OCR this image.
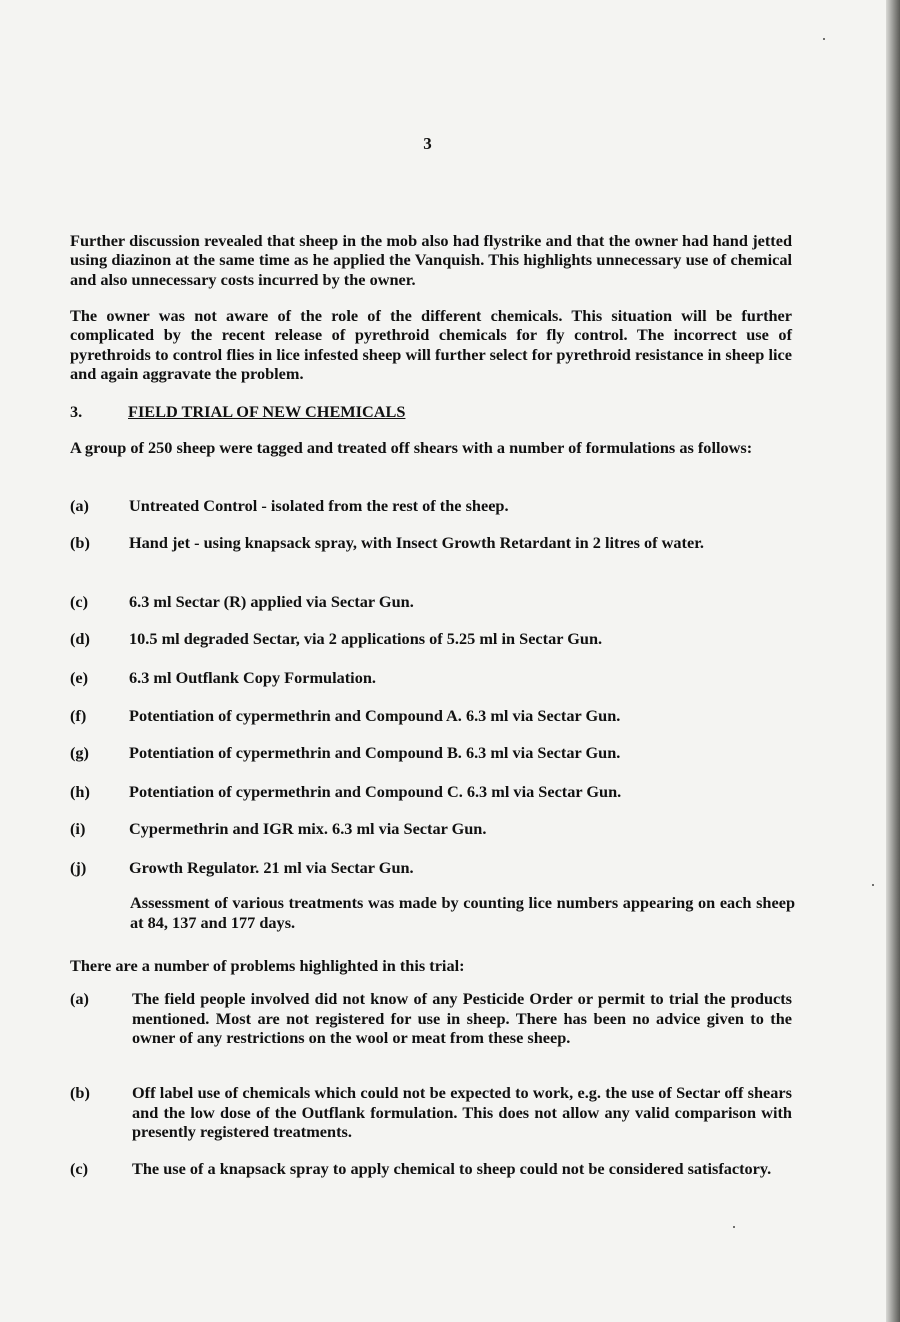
3
Further discussion revealed that sheep in the mob also had flystrike and that the owner had hand jetted using diazinon at the same time as he applied the Vanquish. This highlights unnecessary use of chemical and also unnecessary costs incurred by the owner.
The owner was not aware of the role of the different chemicals. This situation will be further complicated by the recent release of pyrethroid chemicals for fly control. The incorrect use of pyrethroids to control flies in lice infested sheep will further select for pyrethroid resistance in sheep lice and again aggravate the problem.
3.	FIELD TRIAL OF NEW CHEMICALS
A group of 250 sheep were tagged and treated off shears with a number of formulations as follows:
(a)	Untreated Control - isolated from the rest of the sheep.
(b)	Hand jet - using knapsack spray, with Insect Growth Retardant in 2 litres of water.
(c)	6.3 ml Sectar (R) applied via Sectar Gun.
(d)	10.5 ml degraded Sectar, via 2 applications of 5.25 ml in Sectar Gun.
(e)	6.3 ml Outflank Copy Formulation.
(f)	Potentiation of cypermethrin and Compound A. 6.3 ml via Sectar Gun.
(g)	Potentiation of cypermethrin and Compound B. 6.3 ml via Sectar Gun.
(h)	Potentiation of cypermethrin and Compound C. 6.3 ml via Sectar Gun.
(i)	Cypermethrin and IGR mix. 6.3 ml via Sectar Gun.
(j)	Growth Regulator. 21 ml via Sectar Gun.
Assessment of various treatments was made by counting lice numbers appearing on each sheep at 84, 137 and 177 days.
There are a number of problems highlighted in this trial:
(a)	The field people involved did not know of any Pesticide Order or permit to trial the products mentioned. Most are not registered for use in sheep. There has been no advice given to the owner of any restrictions on the wool or meat from these sheep.
(b)	Off label use of chemicals which could not be expected to work, e.g. the use of Sectar off shears and the low dose of the Outflank formulation. This does not allow any valid comparison with presently registered treatments.
(c)	The use of a knapsack spray to apply chemical to sheep could not be considered satisfactory.
